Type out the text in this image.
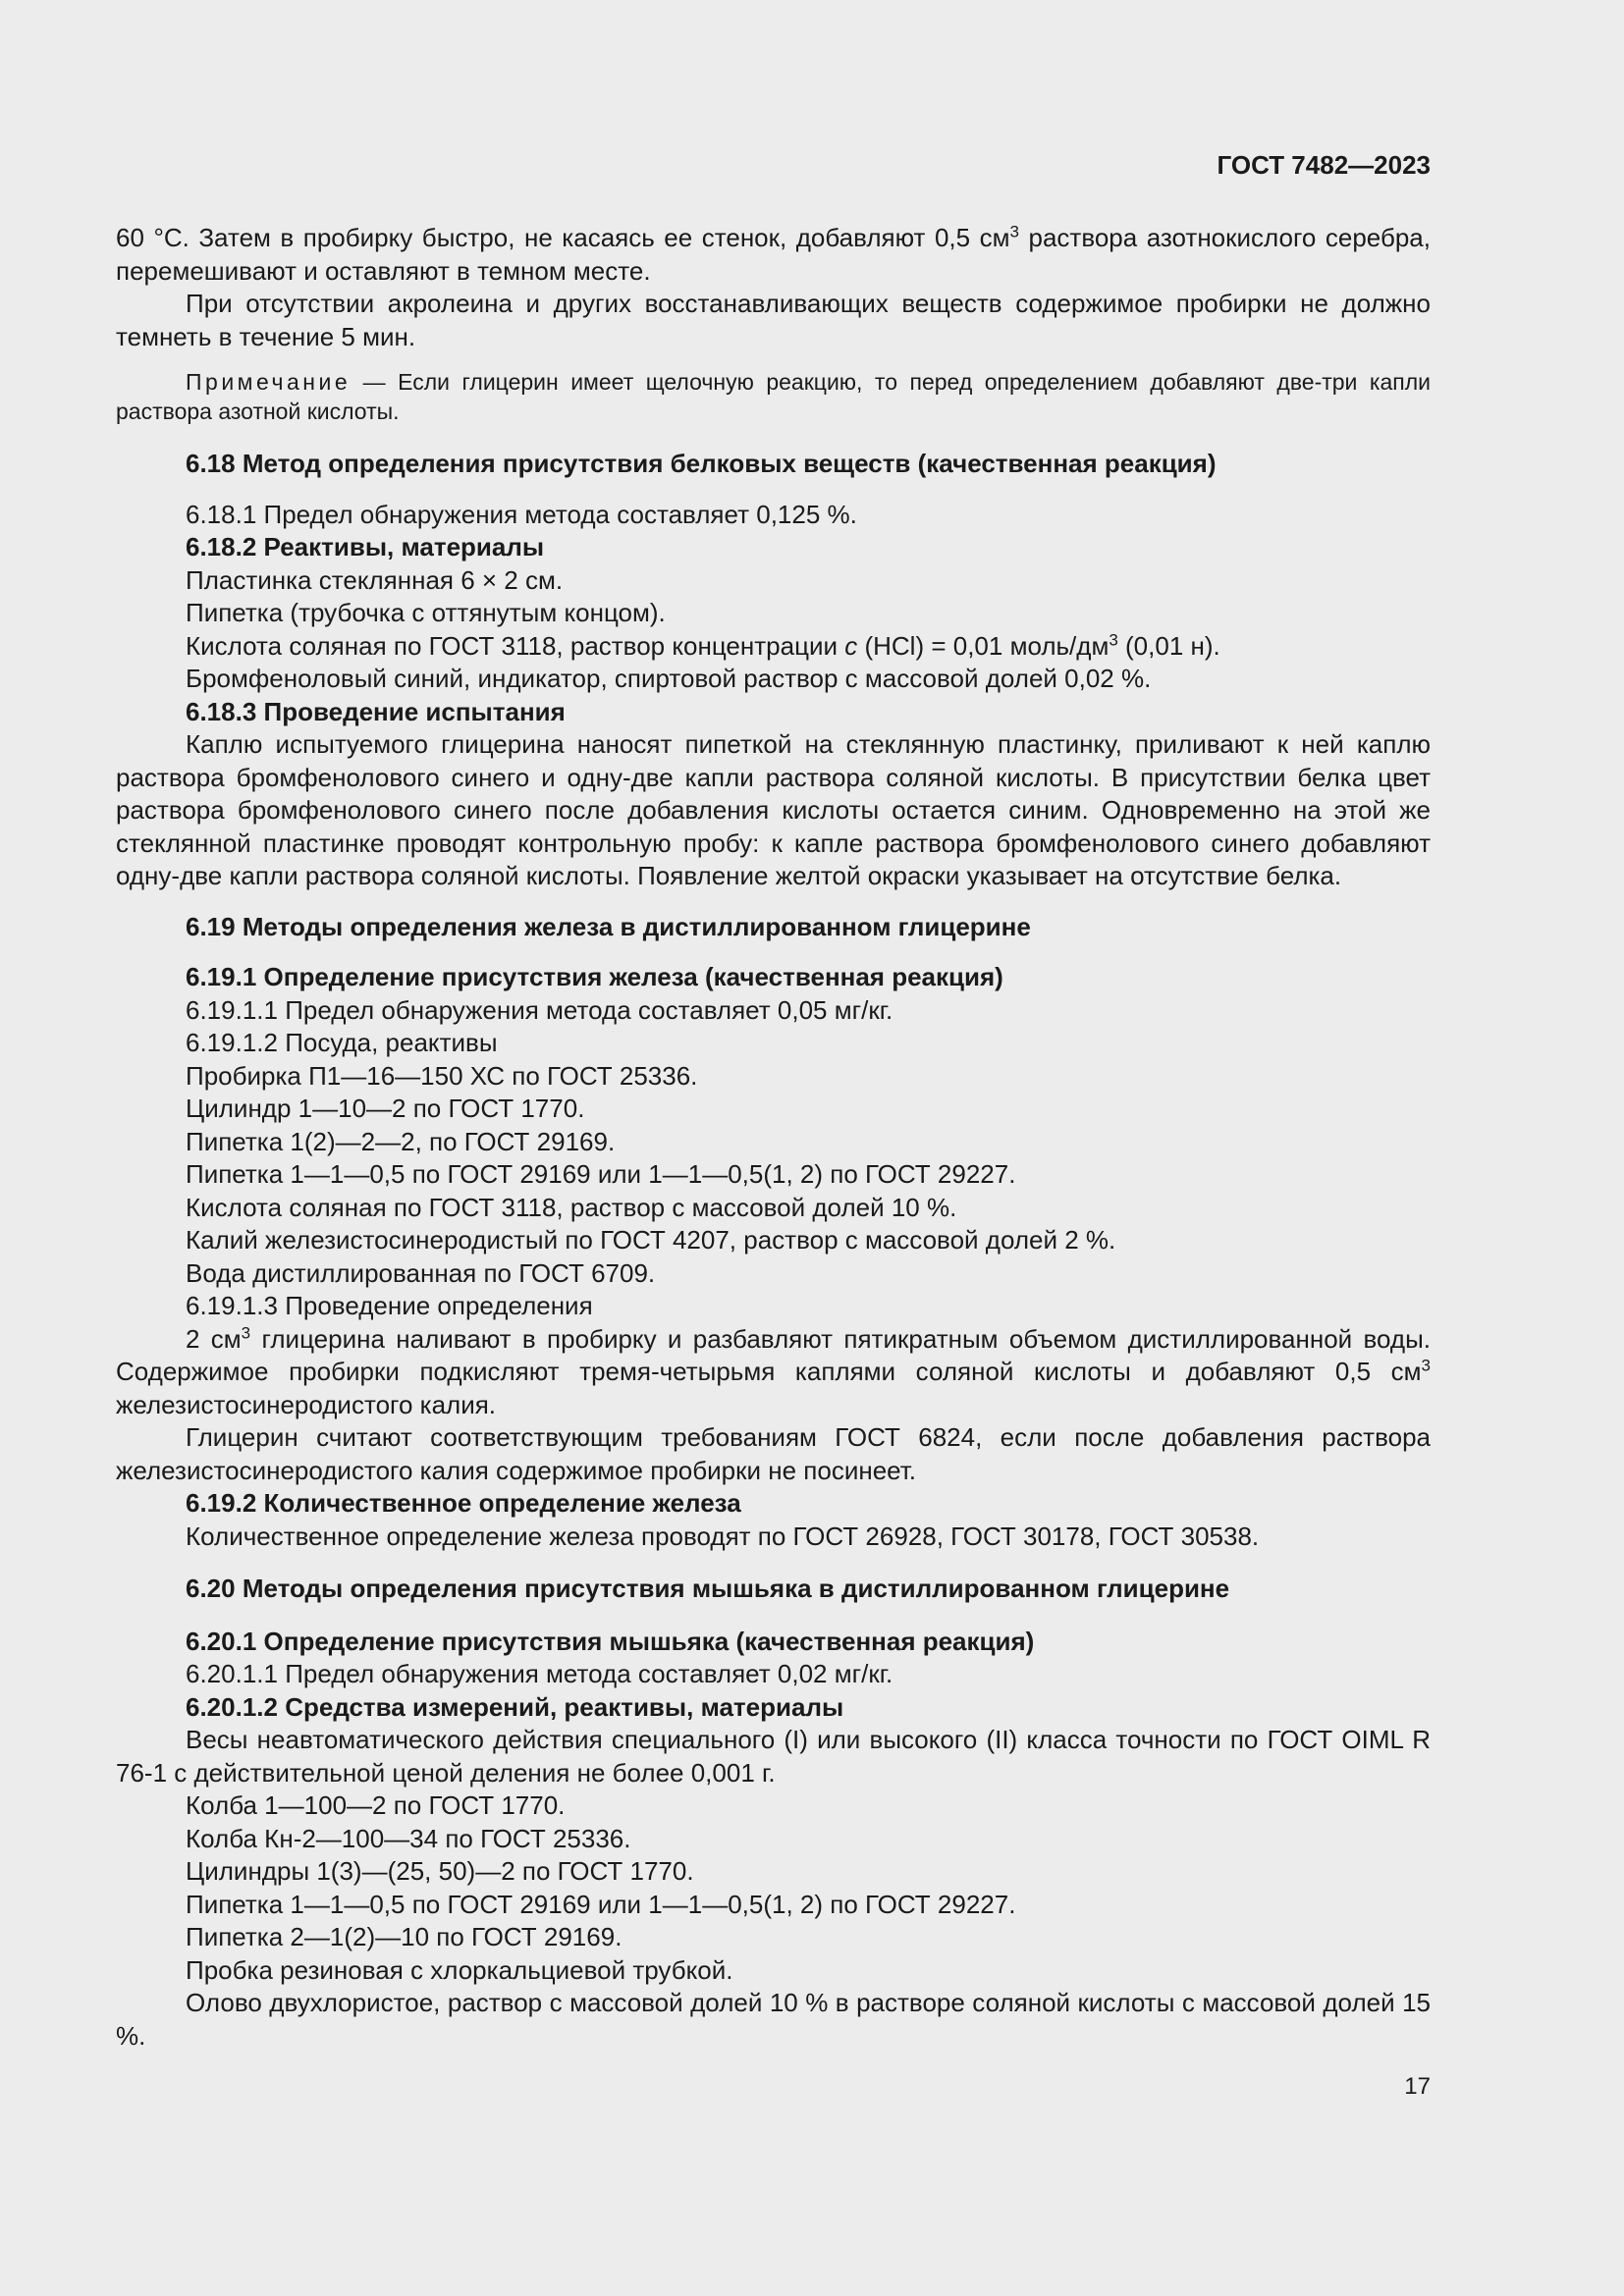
ГОСТ 7482—2023

60 °C. Затем в пробирку быстро, не касаясь ее стенок, добавляют 0,5 $см^3$ раствора азотнокислого серебра, перемешивают и оставляют в темном месте.

При отсутствии акролеина и других восстанавливающих веществ содержимое пробирки не должно темнеть в течение 5 мин.

Примечание — Если глицерин имеет щелочную реакцию, то перед определением добавляют две-три капли раствора азотной кислоты.

6.18 Метод определения присутствия белковых веществ (качественная реакция)

6.18.1 Предел обнаружения метода составляет 0,125 %.

6.18.2 Реактивы, материалы

Пластинка стеклянная 6 × 2 см.

Пипетка (трубочка с оттянутым концом).

Кислота соляная по ГОСТ 3118, раствор концентрации c (HCl) = 0,01 моль/$дм^3$ (0,01 н).

Бромфеноловый синий, индикатор, спиртовой раствор с массовой долей 0,02 %.

6.18.3 Проведение испытания

Каплю испытуемого глицерина наносят пипеткой на стеклянную пластинку, приливают к ней каплю раствора бромфенолового синего и одну-две капли раствора соляной кислоты. В присутствии белка цвет раствора бромфенолового синего после добавления кислоты остается синим. Одновременно на этой же стеклянной пластинке проводят контрольную пробу: к капле раствора бромфенолового синего добавляют одну-две капли раствора соляной кислоты. Появление желтой окраски указывает на отсутствие белка.

6.19 Методы определения железа в дистиллированном глицерине

6.19.1 Определение присутствия железа (качественная реакция)

6.19.1.1 Предел обнаружения метода составляет 0,05 мг/кг.

6.19.1.2 Посуда, реактивы

Пробирка П1—16—150 ХС по ГОСТ 25336.

Цилиндр 1—10—2 по ГОСТ 1770.

Пипетка 1(2)—2—2, по ГОСТ 29169.

Пипетка 1—1—0,5 по ГОСТ 29169 или 1—1—0,5(1, 2) по ГОСТ 29227.

Кислота соляная по ГОСТ 3118, раствор с массовой долей 10 %.

Калий железистосинеродистый по ГОСТ 4207, раствор с массовой долей 2 %.

Вода дистиллированная по ГОСТ 6709.

6.19.1.3 Проведение определения

2 $см^3$ глицерина наливают в пробирку и разбавляют пятикратным объемом дистиллированной воды. Содержимое пробирки подкисляют тремя-четырьмя каплями соляной кислоты и добавляют 0,5 $см^3$ железистосинеродистого калия.

Глицерин считают соответствующим требованиям ГОСТ 6824, если после добавления раствора железистосинеродистого калия содержимое пробирки не посинеет.

6.19.2 Количественное определение железа

Количественное определение железа проводят по ГОСТ 26928, ГОСТ 30178, ГОСТ 30538.

6.20 Методы определения присутствия мышьяка в дистиллированном глицерине

6.20.1 Определение присутствия мышьяка (качественная реакция)

6.20.1.1 Предел обнаружения метода составляет 0,02 мг/кг.

6.20.1.2 Средства измерений, реактивы, материалы

Весы неавтоматического действия специального (I) или высокого (II) класса точности по ГОСТ OIML R 76-1 с действительной ценой деления не более 0,001 г.

Колба 1—100—2 по ГОСТ 1770.

Колба Кн-2—100—34 по ГОСТ 25336.

Цилиндры 1(3)—(25, 50)—2 по ГОСТ 1770.

Пипетка 1—1—0,5 по ГОСТ 29169 или 1—1—0,5(1, 2) по ГОСТ 29227.

Пипетка 2—1(2)—10 по ГОСТ 29169.

Пробка резиновая с хлоркальциевой трубкой.

Олово двухлористое, раствор с массовой долей 10 % в растворе соляной кислоты с массовой долей 15 %.

17
